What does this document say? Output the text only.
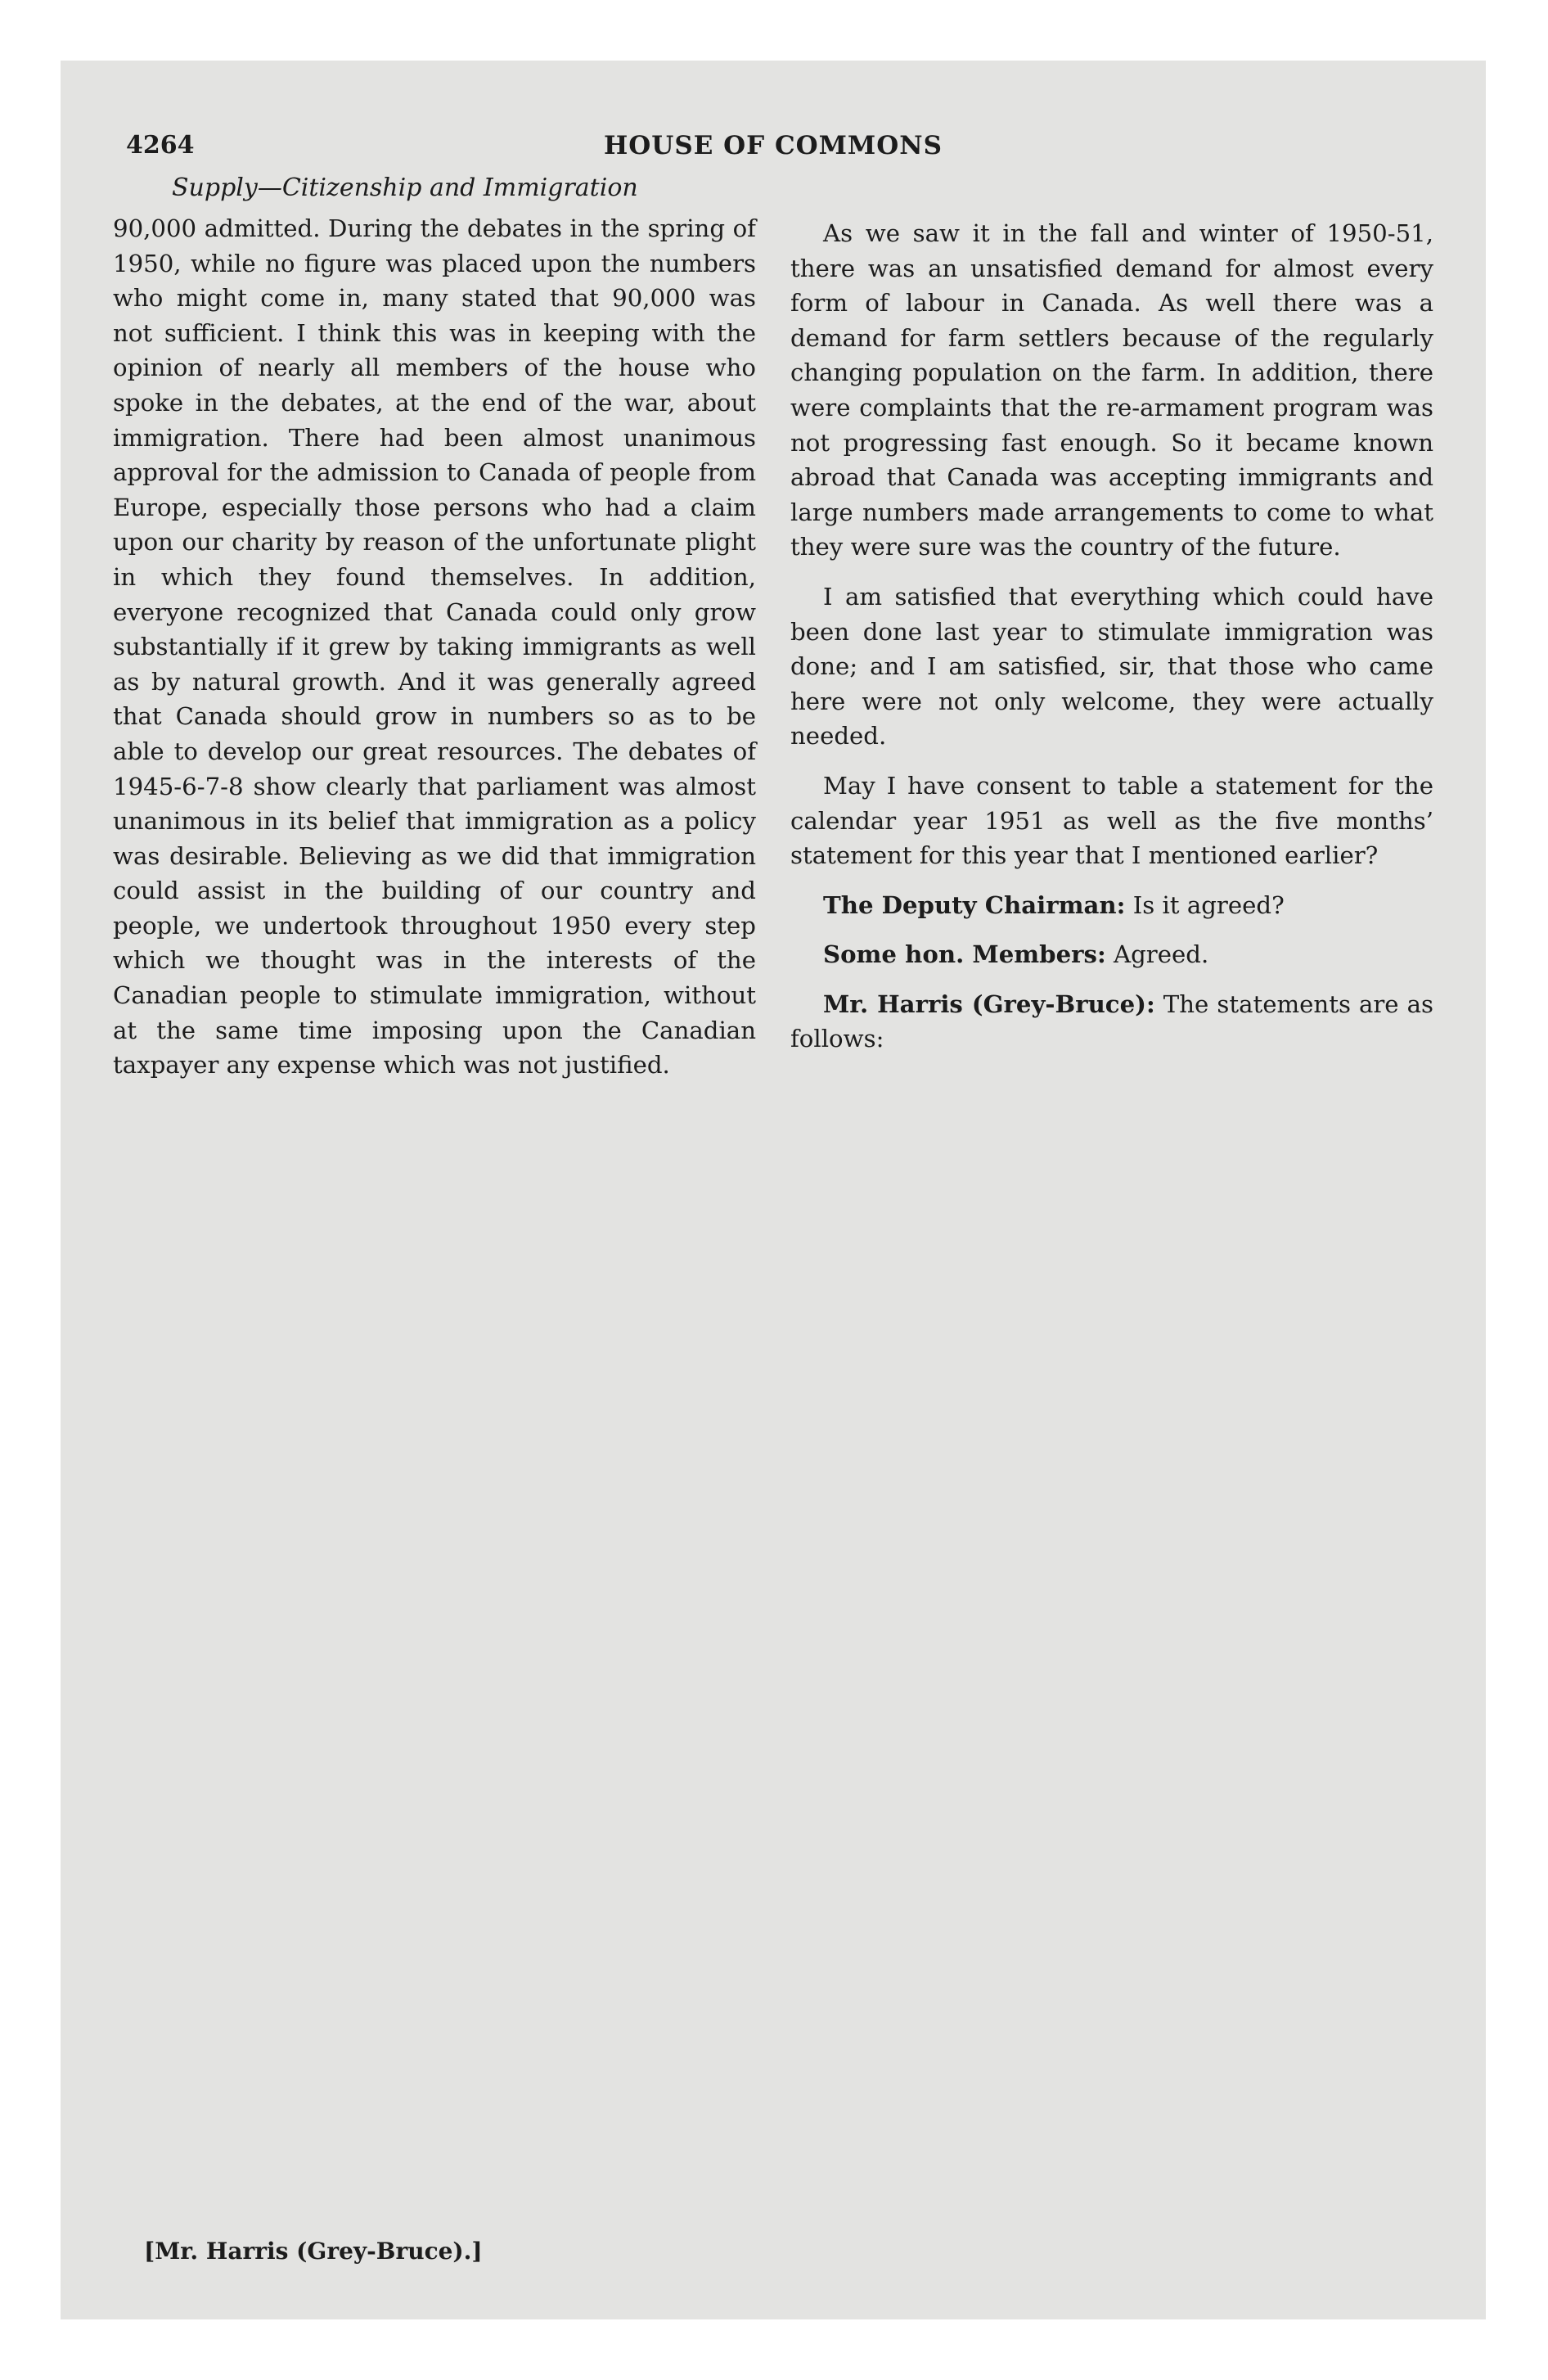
4264	HOUSE OF COMMONS
Supply—Citizenship and Immigration

90,000 admitted. During the debates in the spring of 1950, while no figure was placed upon the numbers who might come in, many stated that 90,000 was not sufficient. I think this was in keeping with the opinion of nearly all members of the house who spoke in the debates, at the end of the war, about immigration. There had been almost unanimous approval for the admission to Canada of people from Europe, especially those persons who had a claim upon our charity by reason of the unfortunate plight in which they found themselves. In addition, everyone recognized that Canada could only grow substantially if it grew by taking immigrants as well as by natural growth. And it was generally agreed that Canada should grow in numbers so as to be able to develop our great resources. The debates of 1945-6-7-8 show clearly that parliament was almost unanimous in its belief that immigration as a policy was desirable. Believing as we did that immigration could assist in the building of our country and people, we undertook throughout 1950 every step which we thought was in the interests of the Canadian people to stimulate immigration, without at the same time imposing upon the Canadian taxpayer any expense which was not justified.

As we saw it in the fall and winter of 1950-51, there was an unsatisfied demand for almost every form of labour in Canada. As well there was a demand for farm settlers because of the regularly changing population on the farm. In addition, there were complaints that the re-armament program was not progressing fast enough. So it became known abroad that Canada was accepting immigrants and large numbers made arrangements to come to what they were sure was the country of the future.

I am satisfied that everything which could have been done last year to stimulate immigration was done; and I am satisfied, sir, that those who came here were not only welcome, they were actually needed.

May I have consent to table a statement for the calendar year 1951 as well as the five months’ statement for this year that I mentioned earlier?

The Deputy Chairman: Is it agreed?

Some hon. Members: Agreed.

Mr. Harris (Grey-Bruce): The statements are as follows:

[Mr. Harris (Grey-Bruce).]
